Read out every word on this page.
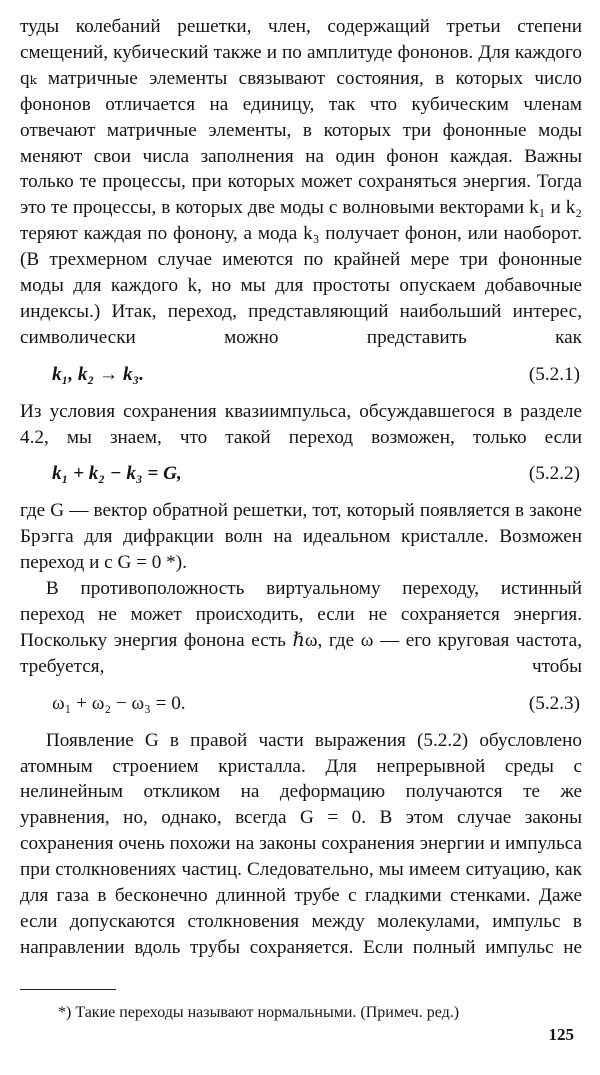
туды колебаний решетки, член, содержащий третьи степени смещений, кубический также и по амплитуде фононов. Для каждого qₖ матричные элементы связывают состояния, в которых число фононов отличается на единицу, так что кубическим членам отвечают матричные элементы, в которых три фононные моды меняют свои числа заполнения на один фонон каждая. Важны только те процессы, при которых может сохраняться энергия. Тогда это те процессы, в которых две моды с волновыми векторами k₁ и k₂ теряют каждая по фонону, а мода k₃ получает фонон, или наоборот. (В трехмерном случае имеются по крайней мере три фононные моды для каждого k, но мы для простоты опускаем добавочные индексы.) Итак, переход, представляющий наибольший интерес, символически можно представить как

k₁, k₂ → k₃.	(5.2.1)

Из условия сохранения квазиимпульса, обсуждавшегося в разделе 4.2, мы знаем, что такой переход возможен, только если

k₁ + k₂ − k₃ = G,	(5.2.2)

где G — вектор обратной решетки, тот, который появляется в законе Брэгга для дифракции волн на идеальном кристалле. Возможен переход и с G = 0 *).

В противоположность виртуальному переходу, истинный переход не может происходить, если не сохраняется энергия. Поскольку энергия фонона есть ℏω, где ω — его круговая частота, требуется, чтобы

ω₁ + ω₂ − ω₃ = 0.	(5.2.3)

Появление G в правой части выражения (5.2.2) обусловлено атомным строением кристалла. Для непрерывной среды с нелинейным откликом на деформацию получаются те же уравнения, но, однако, всегда G = 0. В этом случае законы сохранения очень похожи на законы сохранения энергии и импульса при столкновениях частиц. Следовательно, мы имеем ситуацию, как для газа в бесконечно длинной трубе с гладкими стенками. Даже если допускаются столкновения между молекулами, импульс в направлении вдоль трубы сохраняется. Если полный импульс не

*) Такие переходы называют нормальными. (Примеч. ред.)
125
